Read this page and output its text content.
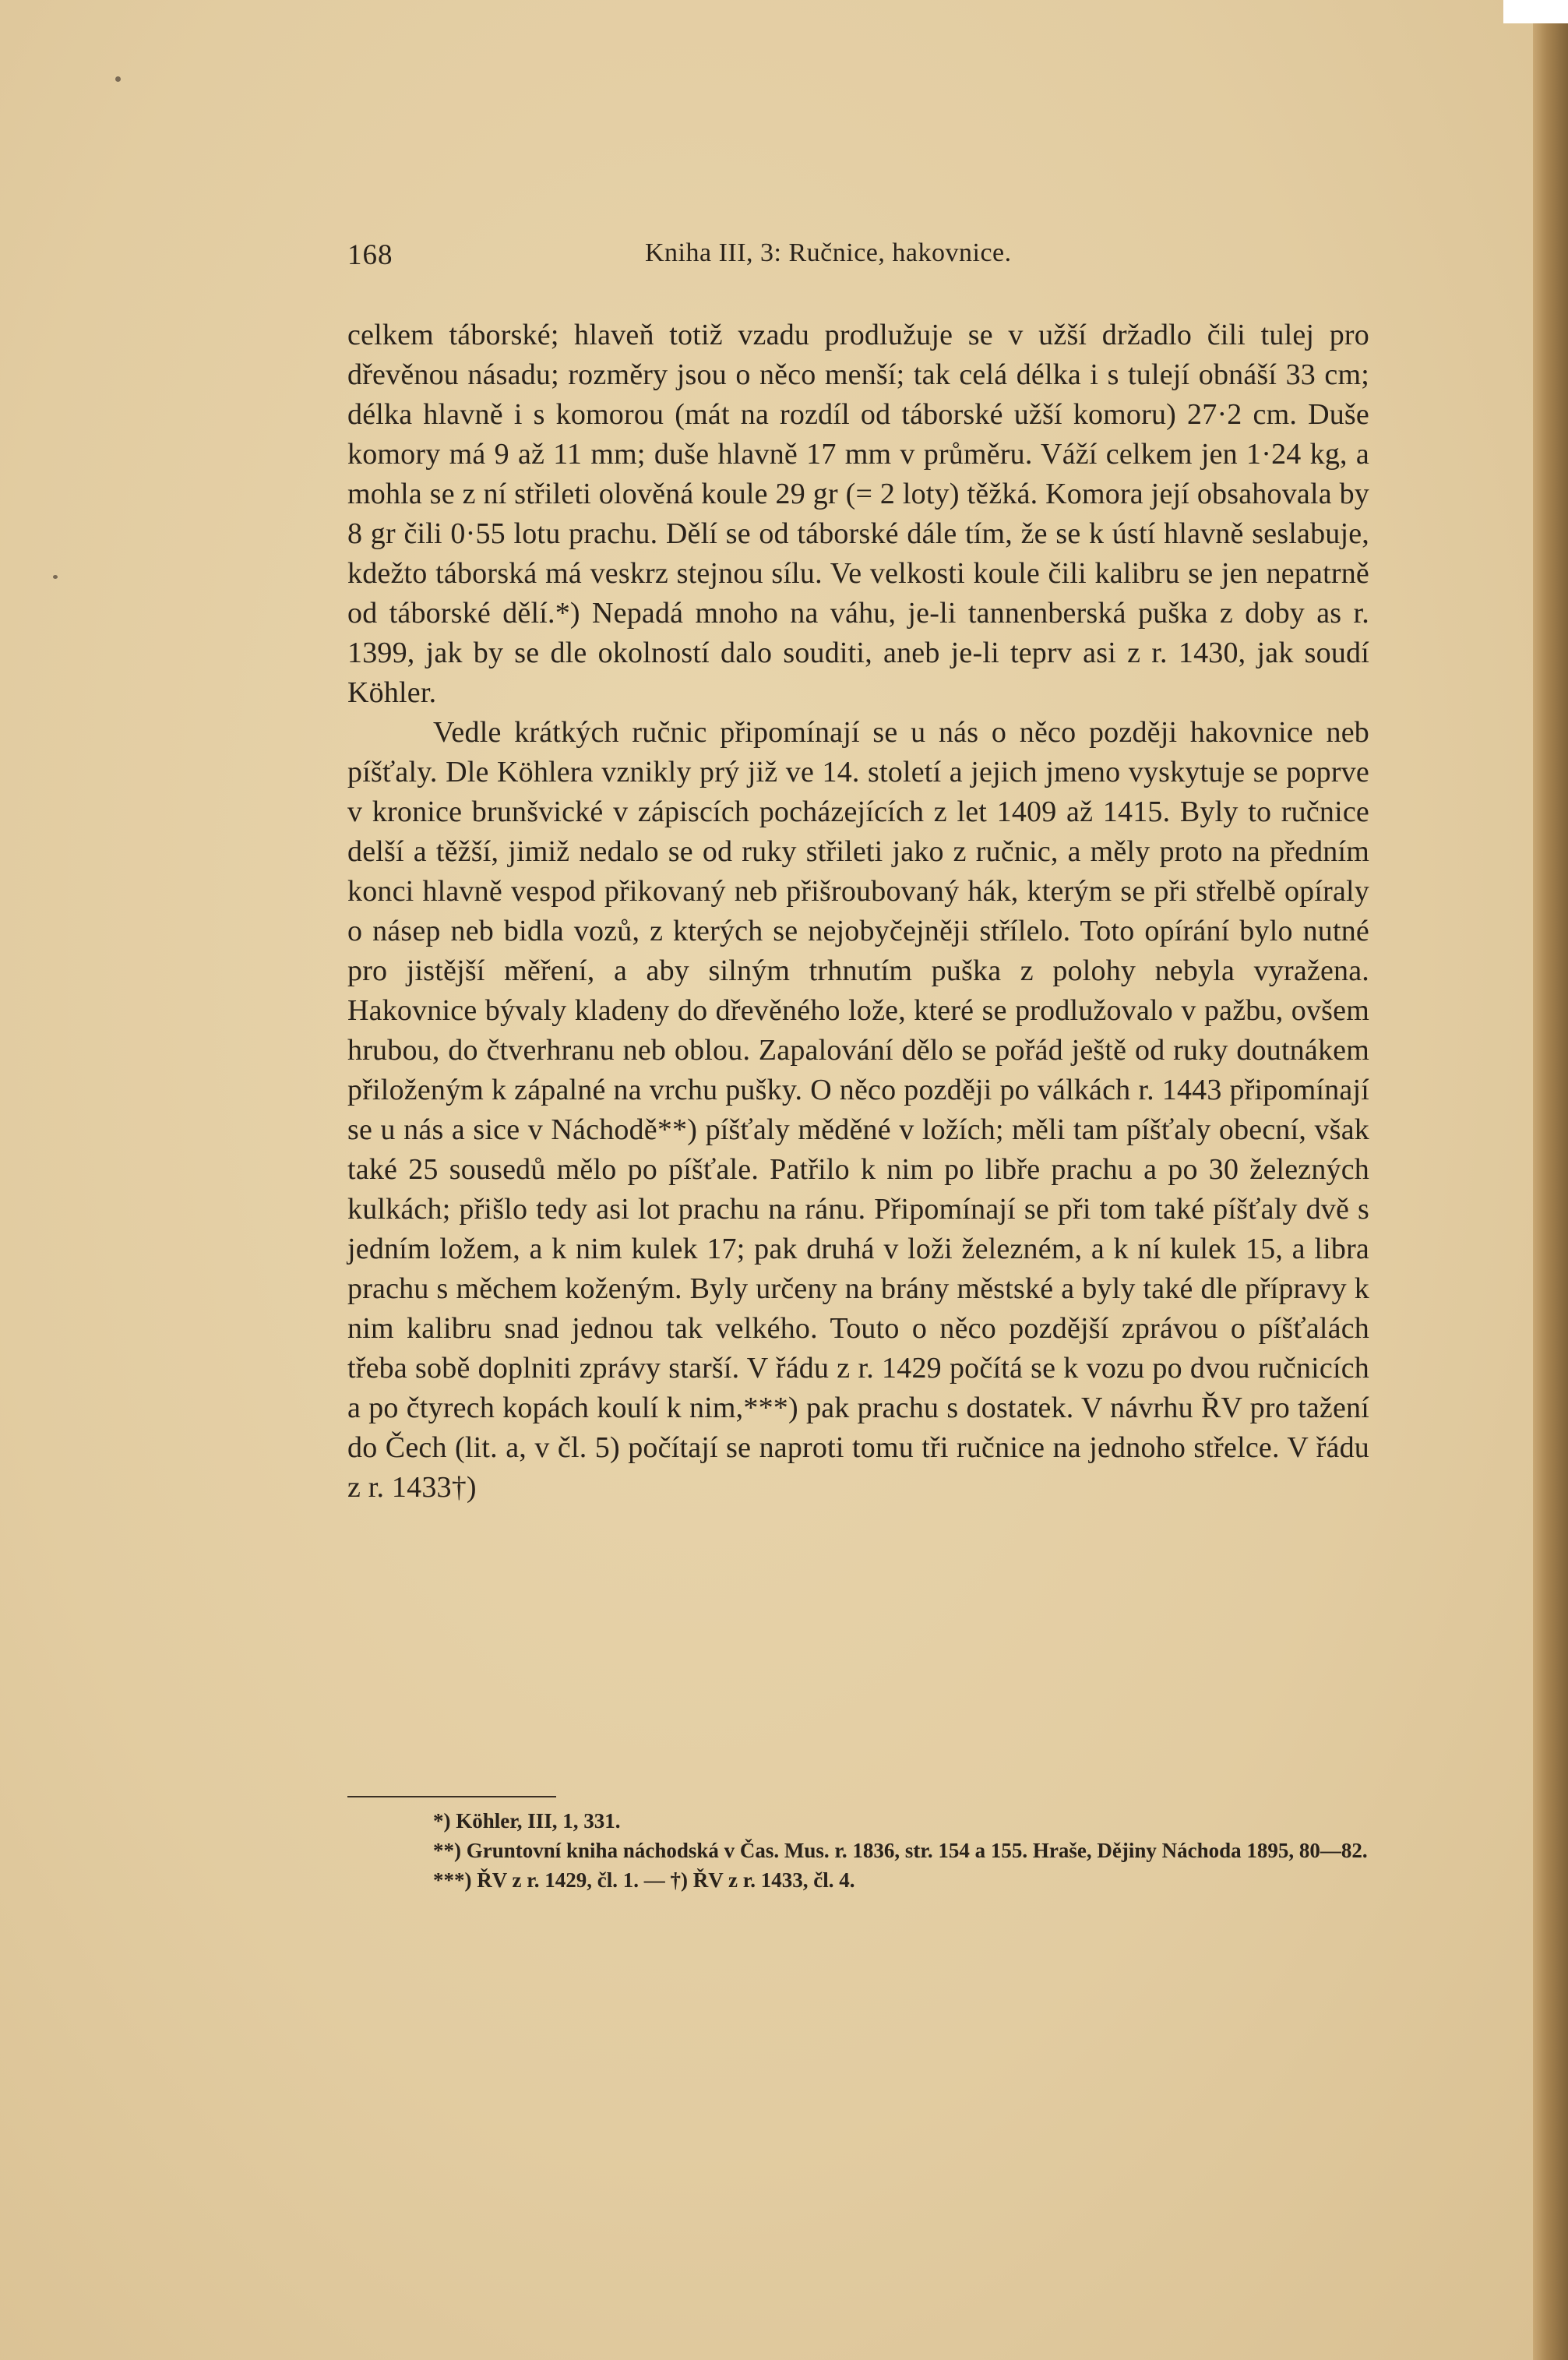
168	Kniha III, 3: Ručnice, hakovnice.

celkem táborské; hlaveň totiž vzadu prodlužuje se v užší držadlo čili tulej pro dřevěnou násadu; rozměry jsou o něco menší; tak celá délka i s tulejí obnáší 33 cm; délka hlavně i s komorou (mát na rozdíl od táborské užší komoru) 27·2 cm. Duše komory má 9 až 11 mm; duše hlavně 17 mm v průměru. Váží celkem jen 1·24 kg, a mohla se z ní střileti olověná koule 29 gr (= 2 loty) těžká. Komora její obsahovala by 8 gr čili 0·55 lotu prachu. Dělí se od táborské dále tím, že se k ústí hlavně seslabuje, kdežto táborská má veskrz stejnou sílu. Ve velkosti koule čili kalibru se jen nepatrně od táborské dělí.*) Nepadá mnoho na váhu, je-li tannenberská puška z doby as r. 1399, jak by se dle okolností dalo souditi, aneb je-li teprv asi z r. 1430, jak soudí Köhler.

Vedle krátkých ručnic připomínají se u nás o něco později hakovnice neb píšťaly. Dle Köhlera vznikly prý již ve 14. století a jejich jmeno vyskytuje se poprve v kronice brunšvické v zápiscích pocházejících z let 1409 až 1415. Byly to ručnice delší a těžší, jimiž nedalo se od ruky střileti jako z ručnic, a měly proto na předním konci hlavně vespod přikovaný neb přišroubovaný hák, kterým se při střelbě opíraly o násep neb bidla vozů, z kterých se nejobyčejněji střílelo. Toto opírání bylo nutné pro jistější měření, a aby silným trhnutím puška z polohy nebyla vyražena. Hakovnice bývaly kladeny do dřevěného lože, které se prodlužovalo v pažbu, ovšem hrubou, do čtverhranu neb oblou. Zapalování dělo se pořád ještě od ruky doutnákem přiloženým k zápalné na vrchu pušky. O něco později po válkách r. 1443 připomínají se u nás a sice v Náchodě**) píšťaly měděné v ložích; měli tam píšťaly obecní, však také 25 sousedů mělo po píšťale. Patřilo k nim po libře prachu a po 30 železných kulkách; přišlo tedy asi lot prachu na ránu. Připomínají se při tom také píšťaly dvě s jedním ložem, a k nim kulek 17; pak druhá v loži železném, a k ní kulek 15, a libra prachu s měchem koženým. Byly určeny na brány městské a byly také dle přípravy k nim kalibru snad jednou tak velkého. Touto o něco pozdější zprávou o píšťalách třeba sobě doplniti zprávy starší. V řádu z r. 1429 počítá se k vozu po dvou ručnicích a po čtyrech kopách koulí k nim,***) pak prachu s dostatek. V návrhu ŘV pro tažení do Čech (lit. a, v čl. 5) počítají se naproti tomu tři ručnice na jednoho střelce. V řádu z r. 1433†)

*) Köhler, III, 1, 331.

**) Gruntovní kniha náchodská v Čas. Mus. r. 1836, str. 154 a 155. Hraše, Dějiny Náchoda 1895, 80—82.

***) ŘV z r. 1429, čl. 1. — †) ŘV z r. 1433, čl. 4.
